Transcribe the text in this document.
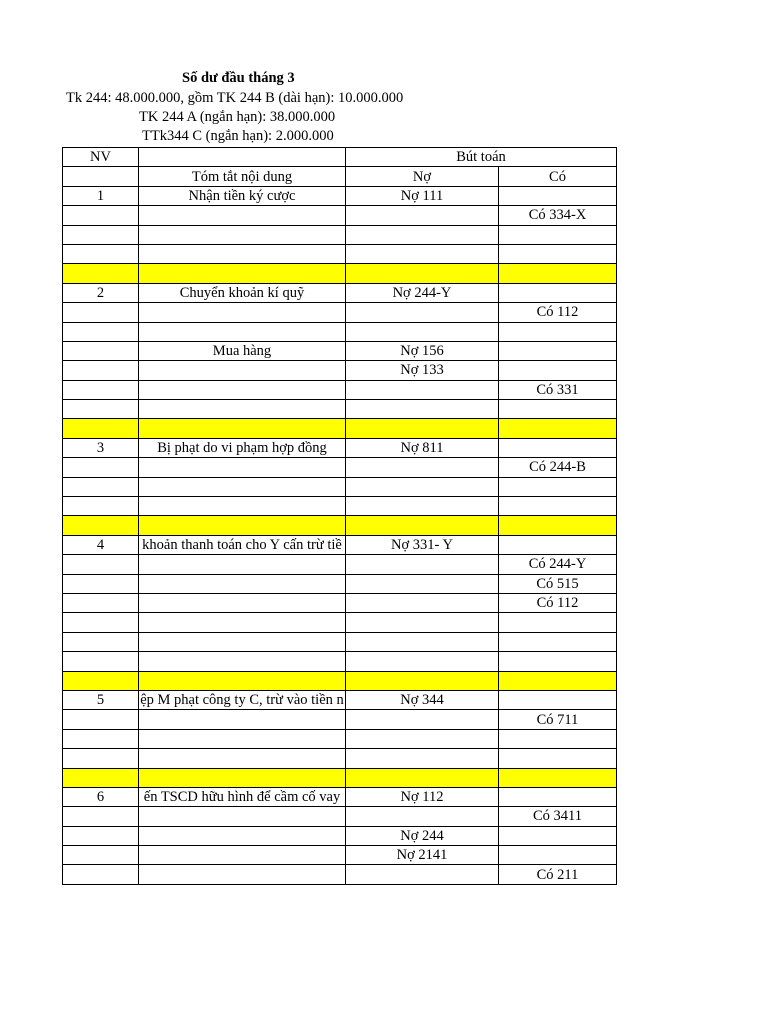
Số dư đầu tháng 3
Tk 244: 48.000.000, gồm TK 244 B (dài hạn): 10.000.000
TK 244 A (ngắn hạn): 38.000.000
TTk344 C (ngắn hạn): 2.000.000
NV		Bút toán	
	Tóm tắt nội dung	Nợ	Có
1	Nhận tiền ký cược	Nợ 111	
			Có 334-X

2	Chuyển khoản kí quỹ	Nợ 244-Y	
			Có 112

	Mua hàng	Nợ 156	
		Nợ 133	
			Có 331

3	Bị phạt do vi phạm hợp đồng	Nợ 811	
			Có 244-B

4	khoản thanh toán cho Y cấn trừ tiề	Nợ 331- Y	
			Có 244-Y
			Có 515
			Có 112

5	ệp M phạt công ty C, trừ vào tiền n	Nợ 344	
			Có 711

6	ến TSCD hữu hình để cầm cố vay	Nợ 112	
			Có 3411
		Nợ 244	
		Nợ 2141	
			Có 211
